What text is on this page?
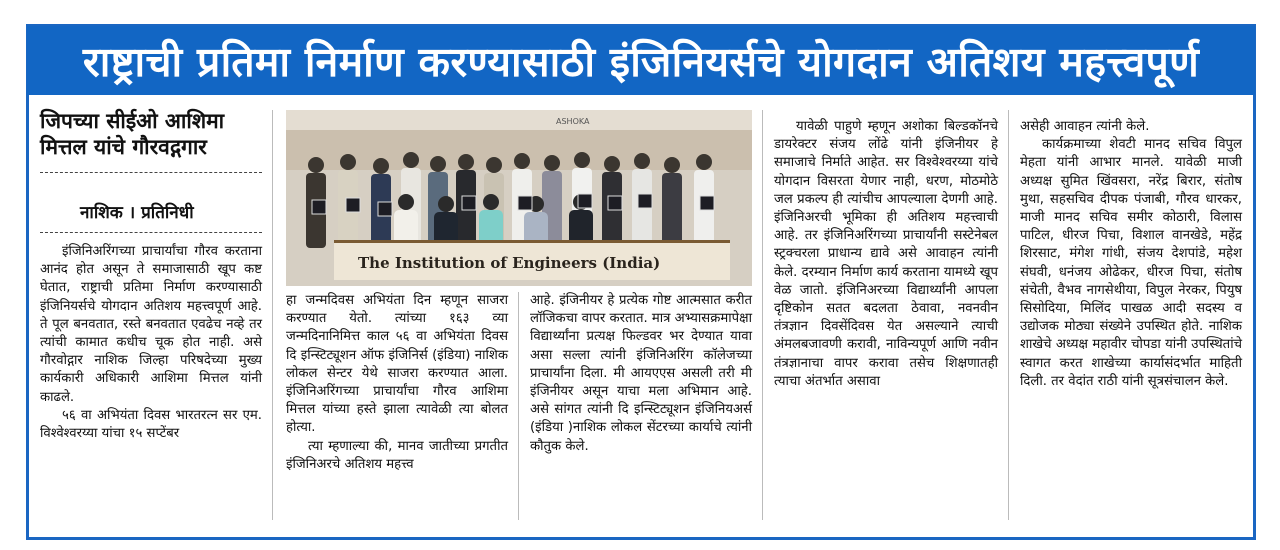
राष्ट्राची प्रतिमा निर्माण करण्यासाठी इंजिनियर्सचे योगदान अतिशय महत्त्वपूर्ण
जिपच्या सीईओ आशिमा मित्तल यांचे गौरवद्गगार
नाशिक । प्रतिनिधी

इंजिनिअरिंगच्या प्राचार्यांचा गौरव करताना आनंद होत असून ते समाजासाठी खूप कष्ट घेतात, राष्ट्राची प्रतिमा निर्माण करण्यासाठी इंजिनियर्सचे योगदान अतिशय महत्त्वपूर्ण आहे. ते पूल बनवतात, रस्ते बनवतात एवढेच नव्हे तर त्यांची कामात कधीच चूक होत नाही. असे गौरवोद्गार नाशिक जिल्हा परिषदेच्या मुख्य कार्यकारी अधिकारी आशिमा मित्तल यांनी काढले.

५६ वा अभियंता दिवस भारतरत्न सर एम. विश्वेश्वरय्या यांचा १५ सप्टेंबर

ASHOKA
The Institution of Engineers (India)

हा जन्मदिवस अभियंता दिन म्हणून साजरा करण्यात येतो. त्यांच्या १६३ व्या जन्मदिनानिमित्त काल ५६ वा अभियंता दिवस दि इन्स्टिट्यूशन ऑफ इंजिनिर्स (इंडिया) नाशिक लोकल सेन्टर येथे साजरा करण्यात आला. इंजिनिअरिंगच्या प्राचार्यांचा गौरव आशिमा मित्तल यांच्या हस्ते झाला त्यावेळी त्या बोलत होत्या.

त्या म्हणाल्या की, मानव जातीच्या प्रगतीत इंजिनिअरचे अतिशय महत्त्व

आहे. इंजिनीयर हे प्रत्येक गोष्ट आत्मसात करीत लॉजिकचा वापर करतात. मात्र अभ्यासक्रमापेक्षा विद्यार्थ्यांना प्रत्यक्ष फिल्डवर भर देण्यात यावा असा सल्ला त्यांनी इंजिनिअरिंग कॉलेजच्या प्राचार्यांना दिला. मी आयएएस असली तरी मी इंजिनीयर असून याचा मला अभिमान आहे. असे सांगत त्यांनी दि इन्स्टिट्यूशन इंजिनियअर्स (इंडिया )नाशिक लोकल सेंटरच्या कार्याचे त्यांनी कौतुक केले.

यावेळी पाहुणे म्हणून अशोका बिल्डकॉनचे डायरेक्टर संजय लोंढे यांनी इंजिनीयर हे समाजाचे निर्माते आहेत. सर विश्वेश्वरय्या यांचे योगदान विसरता येणार नाही, धरण, मोठमोठे जल प्रकल्प ही त्यांचीच आपल्याला देणगी आहे. इंजिनिअरची भूमिका ही अतिशय महत्त्वाची आहे. तर इंजिनिअरिंगच्या प्राचार्यांनी सस्टेनेबल स्ट्रक्चरला प्राधान्य द्यावे असे आवाहन त्यांनी केले. दरम्यान निर्माण कार्य करताना यामध्ये खूप वेळ जातो. इंजिनिअरच्या विद्यार्थ्यांनी आपला दृष्टिकोन सतत बदलता ठेवावा, नवनवीन तंत्रज्ञान दिवसेंदिवस येत असल्याने त्याची अंमलबजावणी करावी, नाविन्यपूर्ण आणि नवीन तंत्रज्ञानाचा वापर करावा तसेच शिक्षणातही त्याचा अंतर्भात असावा

असेही आवाहन त्यांनी केले.

कार्यक्रमाच्या शेवटी मानद सचिव विपुल मेहता यांनी आभार मानले. यावेळी माजी अध्यक्ष सुमित खिंवसरा, नरेंद्र बिरार, संतोष मुथा, सहसचिव दीपक पंजाबी, गौरव धारकर, माजी मानद सचिव समीर कोठारी, विलास पाटिल, धीरज पिचा, विशाल वानखेडे, महेंद्र शिरसाट, मंगेश गांधी, संजय देशपांडे, महेश संघवी, धनंजय ओढेकर, धीरज पिचा, संतोष संचेती, वैभव नागसेथीया, विपुल नेरकर, पियुष सिसोदिया, मिलिंद पाखळ आदी सदस्य व उद्योजक मोठ्या संख्येने उपस्थित होते. नाशिक शाखेचे अध्यक्ष महावीर चोपडा यांनी उपस्थितांचे स्वागत करत शाखेच्या कार्यासंदर्भात माहिती दिली. तर वेदांत राठी यांनी सूत्रसंचालन केले.
